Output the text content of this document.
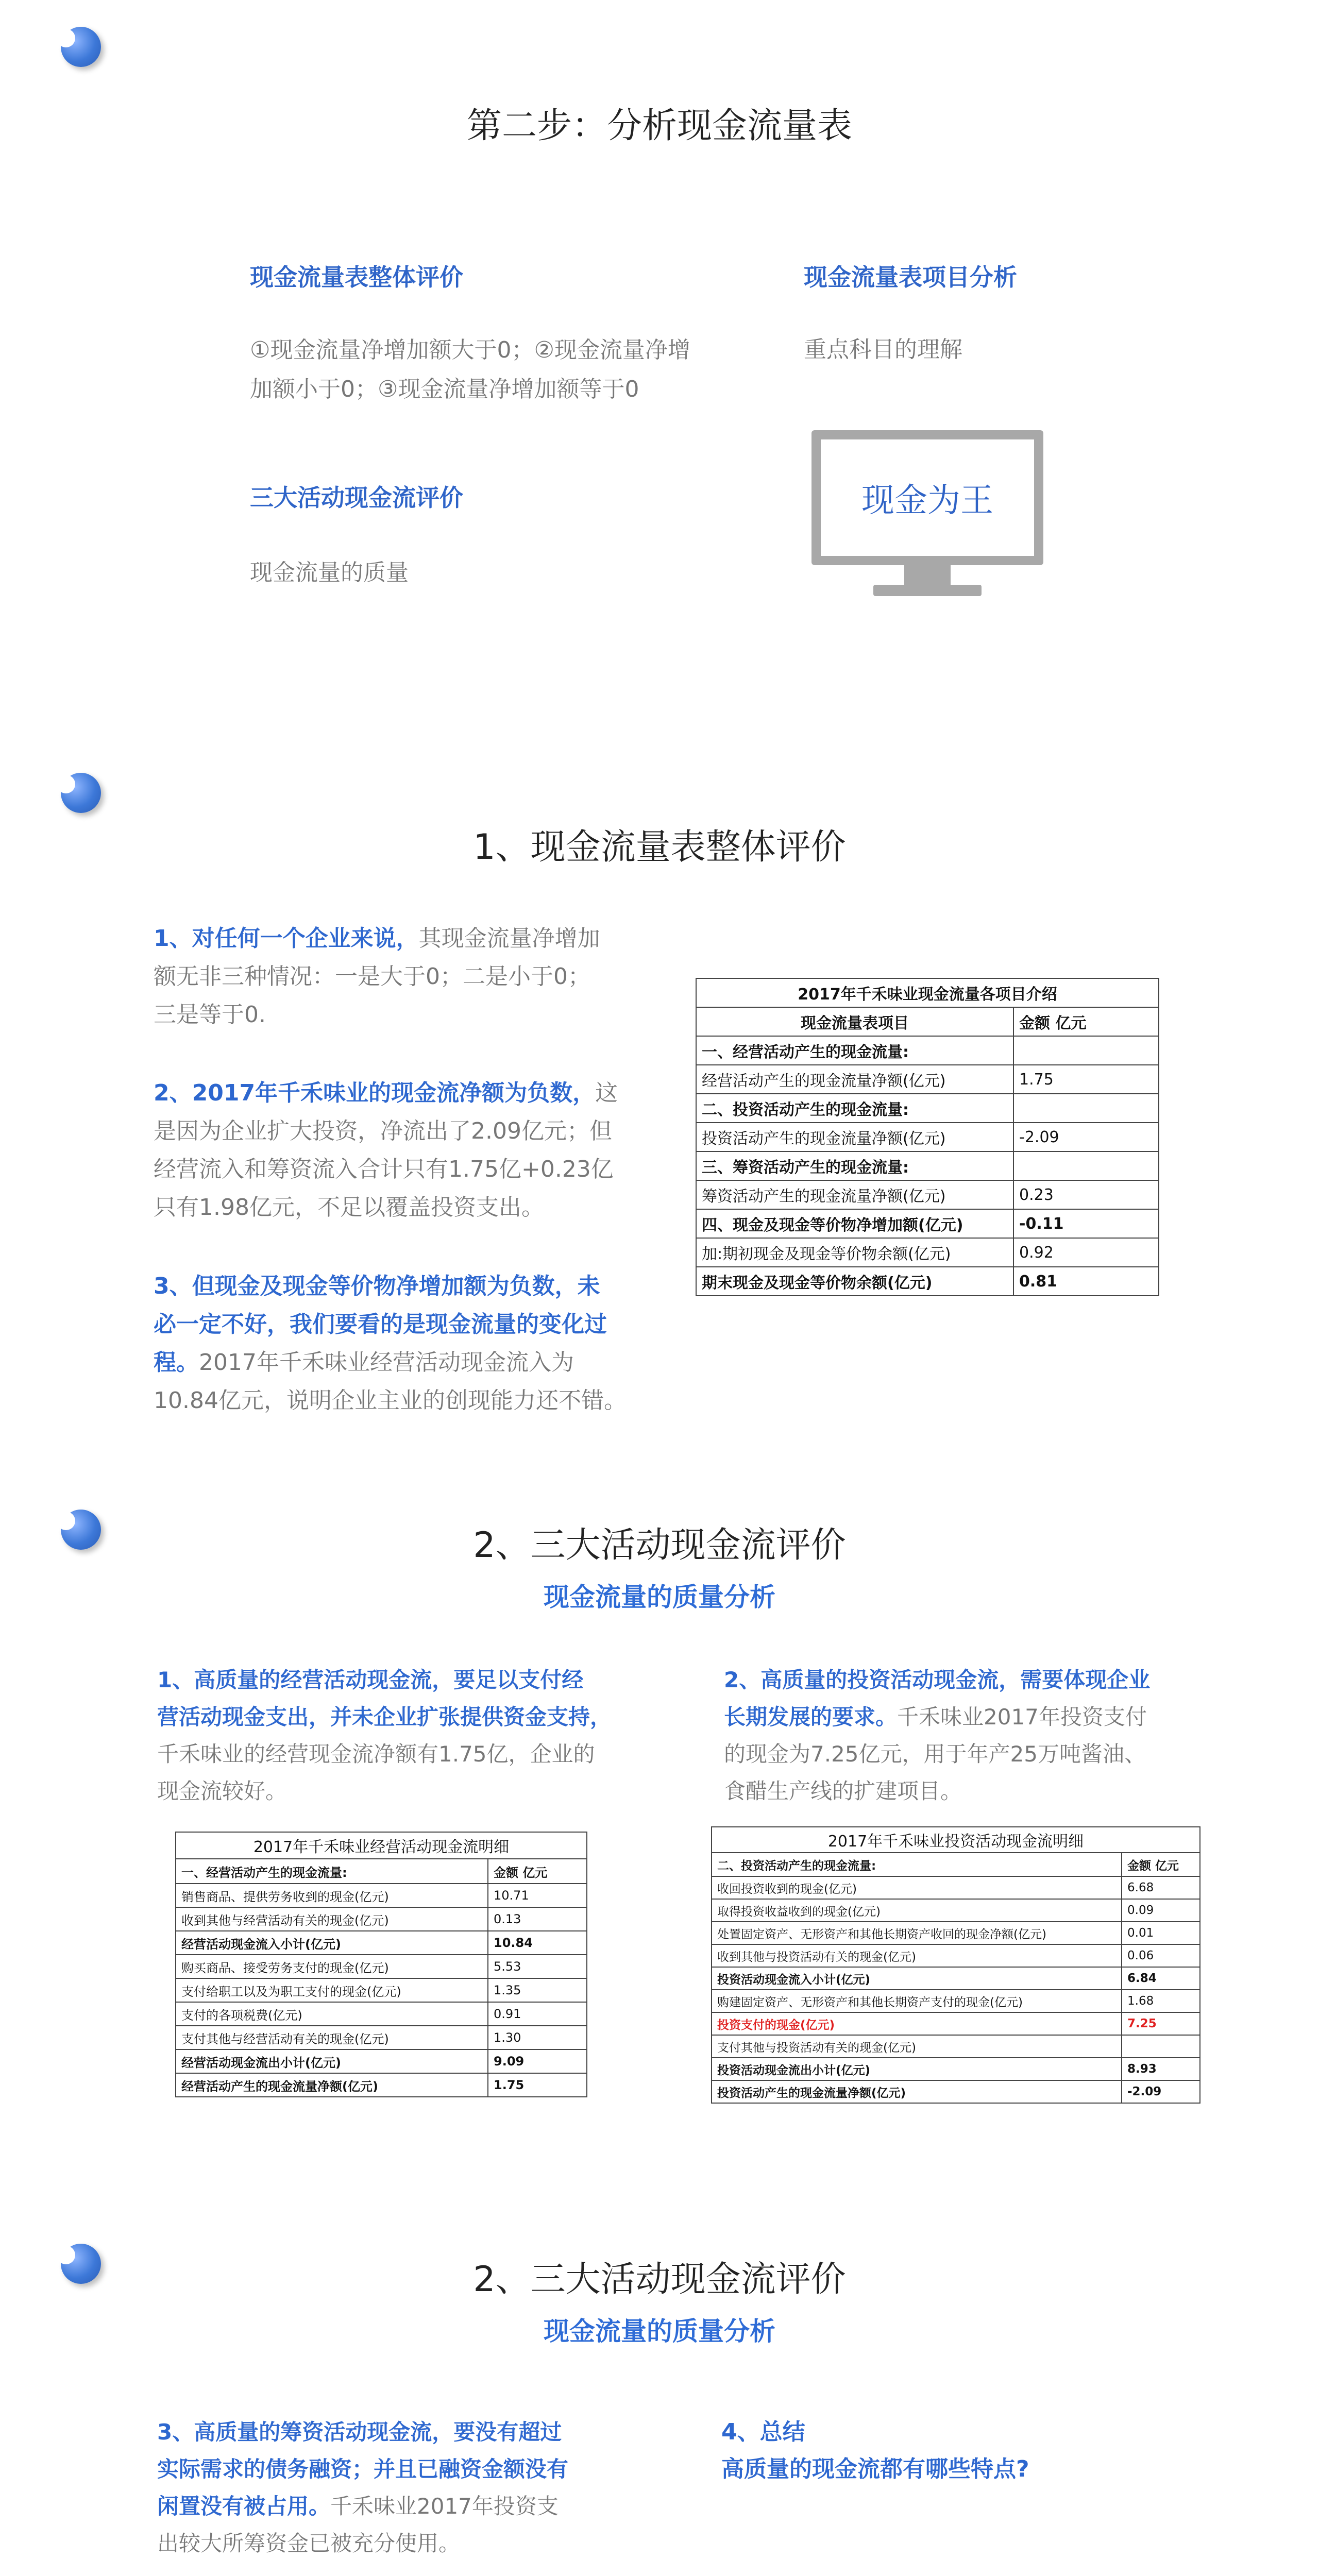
第二步：分析现金流量表
现金流量表整体评价
①现金流量净增加额大于0；②现金流量净增
加额小于0；③现金流量净增加额等于0
三大活动现金流评价
现金流量的质量
现金流量表项目分析
重点科目的理解
现金为王
1、现金流量表整体评价
1、对任何一个企业来说，其现金流量净增加
额无非三种情况：一是大于0；二是小于0；
三是等于0.
2、2017年千禾味业的现金流净额为负数，这
是因为企业扩大投资，净流出了2.09亿元；但
经营流入和筹资流入合计只有1.75亿+0.23亿
只有1.98亿元，不足以覆盖投资支出。
3、但现金及现金等价物净增加额为负数，未
必一定不好，我们要看的是现金流量的变化过
程。2017年千禾味业经营活动现金流入为
10.84亿元，说明企业主业的创现能力还不错。
2017年千禾味业现金流量各项目介绍	
现金流量表项目	金额 亿元
一、经营活动产生的现金流量:	
经营活动产生的现金流量净额(亿元)	1.75
二、投资活动产生的现金流量:	
投资活动产生的现金流量净额(亿元)	-2.09
三、筹资活动产生的现金流量:	
筹资活动产生的现金流量净额(亿元)	0.23
四、现金及现金等价物净增加额(亿元)	-0.11
加:期初现金及现金等价物余额(亿元)	0.92
期末现金及现金等价物余额(亿元)	0.81
2、三大活动现金流评价
现金流量的质量分析
1、高质量的经营活动现金流，要足以支付经
营活动现金支出，并未企业扩张提供资金支持，
千禾味业的经营现金流净额有1.75亿，企业的
现金流较好。
2、高质量的投资活动现金流，需要体现企业
长期发展的要求。千禾味业2017年投资支付
的现金为7.25亿元，用于年产25万吨酱油、
食醋生产线的扩建项目。
2017年千禾味业经营活动现金流明细	
一、经营活动产生的现金流量:	金额 亿元
销售商品、提供劳务收到的现金(亿元)	10.71
收到其他与经营活动有关的现金(亿元)	0.13
经营活动现金流入小计(亿元)	10.84
购买商品、接受劳务支付的现金(亿元)	5.53
支付给职工以及为职工支付的现金(亿元)	1.35
支付的各项税费(亿元)	0.91
支付其他与经营活动有关的现金(亿元)	1.30
经营活动现金流出小计(亿元)	9.09
经营活动产生的现金流量净额(亿元)	1.75
2017年千禾味业投资活动现金流明细	
二、投资活动产生的现金流量:	金额 亿元
收回投资收到的现金(亿元)	6.68
取得投资收益收到的现金(亿元)	0.09
处置固定资产、无形资产和其他长期资产收回的现金净额(亿元)	0.01
收到其他与投资活动有关的现金(亿元)	0.06
投资活动现金流入小计(亿元)	6.84
购建固定资产、无形资产和其他长期资产支付的现金(亿元)	1.68
投资支付的现金(亿元)	7.25
支付其他与投资活动有关的现金(亿元)	
投资活动现金流出小计(亿元)	8.93
投资活动产生的现金流量净额(亿元)	-2.09
2、三大活动现金流评价
现金流量的质量分析
3、高质量的筹资活动现金流，要没有超过
实际需求的债务融资；并且已融资金额没有
闲置没有被占用。千禾味业2017年投资支
出较大所筹资金已被充分使用。
4、总结
高质量的现金流都有哪些特点?
